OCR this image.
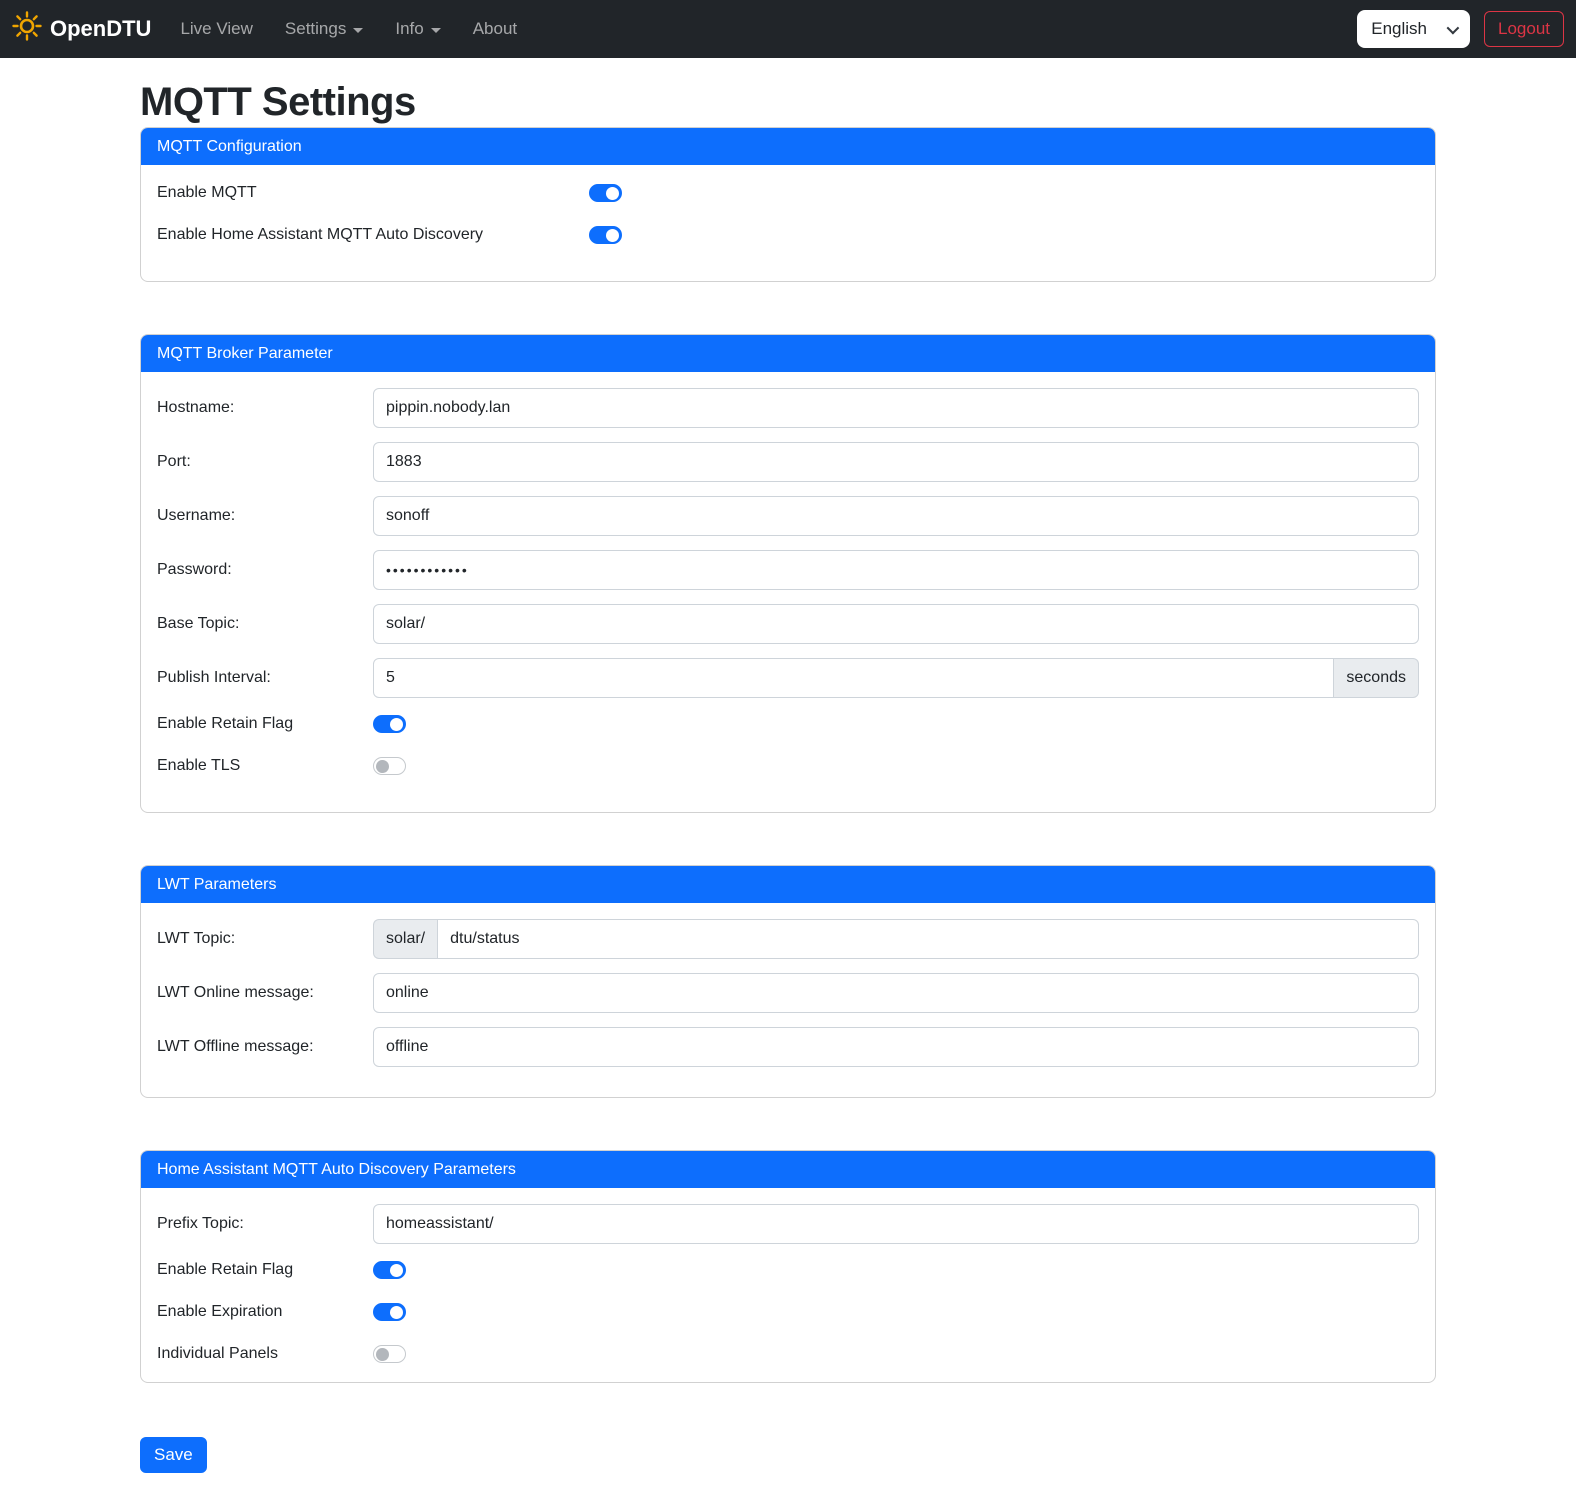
OpenDTU Live View Settings	Info	About	English	Logout
MQTT Settings
MQTT Configuration
Enable MQTT
Enable Home Assistant MQTT Auto Discovery
MQTT Broker Parameter
Hostname:
pippin.nobody.lan
Port:
1883
Username:
sonoff
Password:
••••••••••••
Base Topic:
solar/
Publish Interval:
5	seconds
Enable Retain Flag
Enable TLS
LWT Parameters
LWT Topic:	solar/
dtu/status
LWT Online message:
online
LWT Offline message:
offline
Home Assistant MQTT Auto Discovery Parameters
Prefix Topic:
homeassistant/
Enable Retain Flag
Enable Expiration
Individual Panels
Save
